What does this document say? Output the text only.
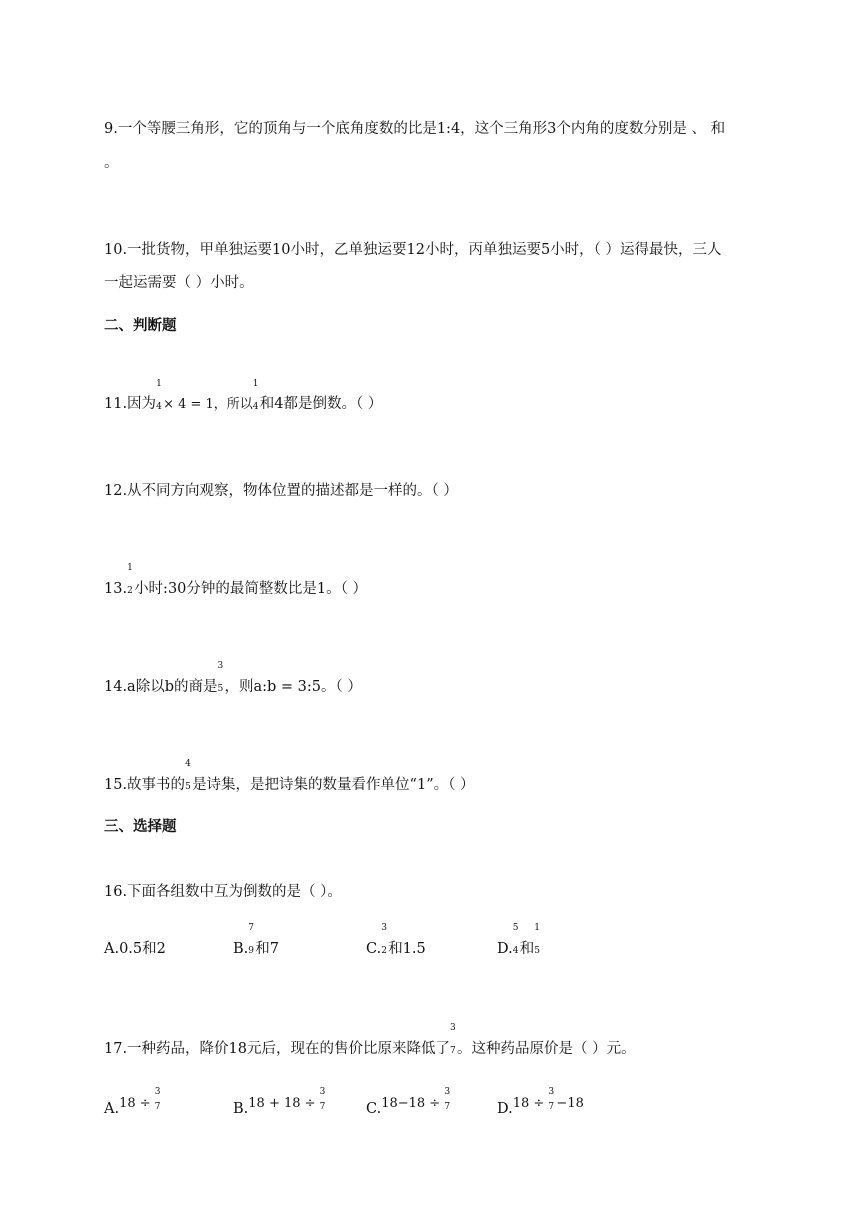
9.一个等腰三角形，它的顶角与一个底角度数的比是1:4，这个三角形3个内角的度数分别是 、 和
。
10.一批货物，甲单独运要10小时，乙单独运要12小时，丙单独运要5小时，（ ）运得最快，三人
一起运需要（ ）小时。
二、判断题
11.因为
1
4 × 4 = 1，所以
1
4 和4都是倒数。（ ）
12.从不同方向观察，物体位置的描述都是一样的。（ ）
13.
1
2 小时:30分钟的最简整数比是1。（ ）
14.a除以b的商是
3
5 ，则a:b = 3:5。（ ）
15.故事书的
4
5 是诗集，是把诗集的数量看作单位“1”。（ ）
三、选择题
16.下面各组数中互为倒数的是（ ）。
A.0.5和2	B.
7
9 和7	C.
3
2 和1.5	D.
5
4 和
1
5
17.一种药品，降价18元后，现在的售价比原来降低了
3
7 。这种药品原价是（ ）元。
A.18 ÷
3
7	B.18 + 18 ÷
3
7	C.18−18 ÷
3
7	D.18 ÷
3
7 −18
